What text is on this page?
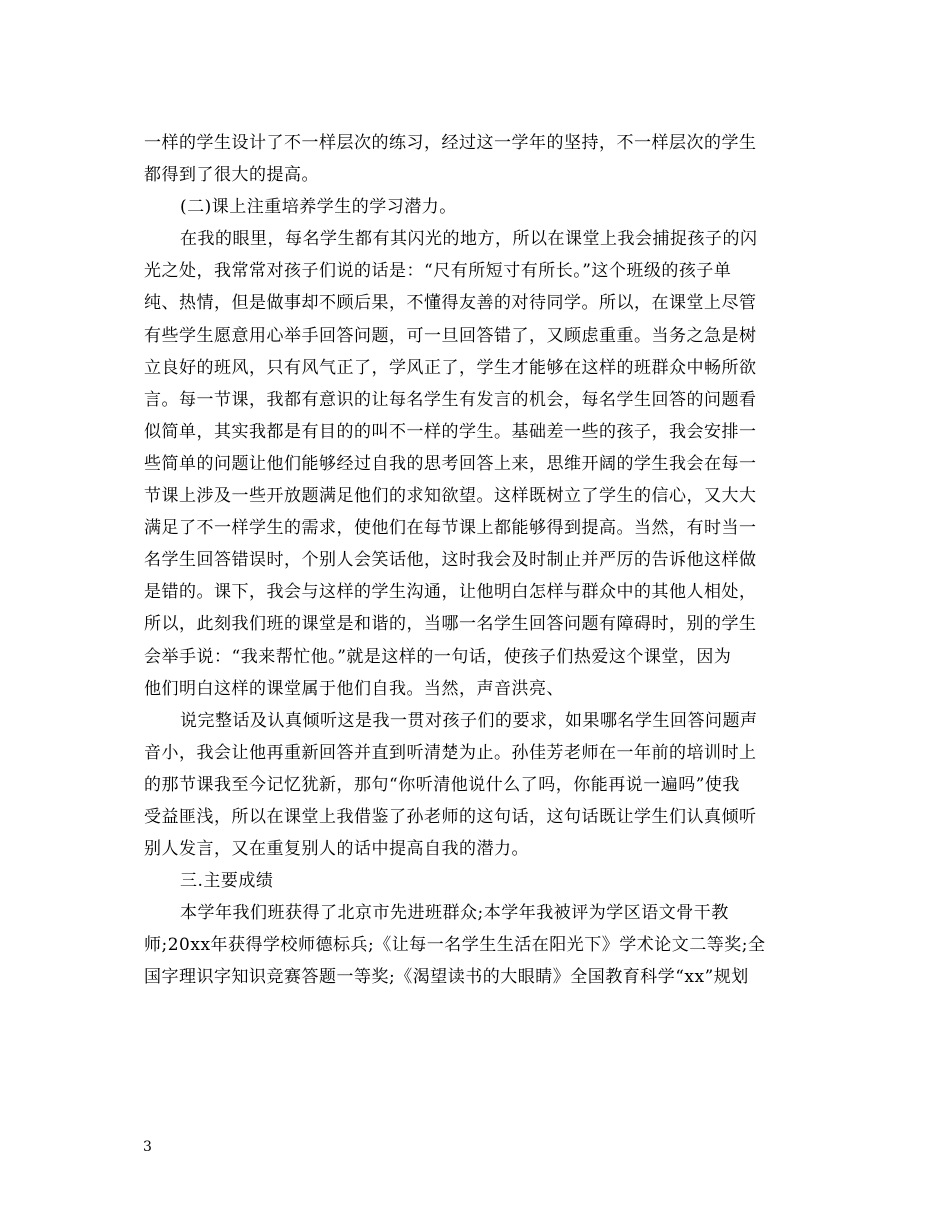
一样的学生设计了不一样层次的练习，经过这一学年的坚持，不一样层次的学生
都得到了很大的提高。
(二)课上注重培养学生的学习潜力。
在我的眼里，每名学生都有其闪光的地方，所以在课堂上我会捕捉孩子的闪
光之处，我常常对孩子们说的话是：“尺有所短寸有所长。”这个班级的孩子单
纯、热情，但是做事却不顾后果，不懂得友善的对待同学。所以，在课堂上尽管
有些学生愿意用心举手回答问题，可一旦回答错了，又顾虑重重。当务之急是树
立良好的班风，只有风气正了，学风正了，学生才能够在这样的班群众中畅所欲
言。每一节课，我都有意识的让每名学生有发言的机会，每名学生回答的问题看
似简单，其实我都是有目的的叫不一样的学生。基础差一些的孩子，我会安排一
些简单的问题让他们能够经过自我的思考回答上来，思维开阔的学生我会在每一
节课上涉及一些开放题满足他们的求知欲望。这样既树立了学生的信心，又大大
满足了不一样学生的需求，使他们在每节课上都能够得到提高。当然，有时当一
名学生回答错误时，个别人会笑话他，这时我会及时制止并严厉的告诉他这样做
是错的。课下，我会与这样的学生沟通，让他明白怎样与群众中的其他人相处，
所以，此刻我们班的课堂是和谐的，当哪一名学生回答问题有障碍时，别的学生
会举手说：“我来帮忙他。”就是这样的一句话，使孩子们热爱这个课堂，因为
他们明白这样的课堂属于他们自我。当然，声音洪亮、
说完整话及认真倾听这是我一贯对孩子们的要求，如果哪名学生回答问题声
音小，我会让他再重新回答并直到听清楚为止。孙佳芳老师在一年前的培训时上
的那节课我至今记忆犹新，那句“你听清他说什么了吗，你能再说一遍吗”使我
受益匪浅，所以在课堂上我借鉴了孙老师的这句话，这句话既让学生们认真倾听
别人发言，又在重复别人的话中提高自我的潜力。
三.主要成绩
本学年我们班获得了北京市先进班群众;本学年我被评为学区语文骨干教
师;20xx年获得学校师德标兵;《让每一名学生生活在阳光下》学术论文二等奖;全
国字理识字知识竞赛答题一等奖;《渴望读书的大眼睛》全国教育科学“xx”规划
3
